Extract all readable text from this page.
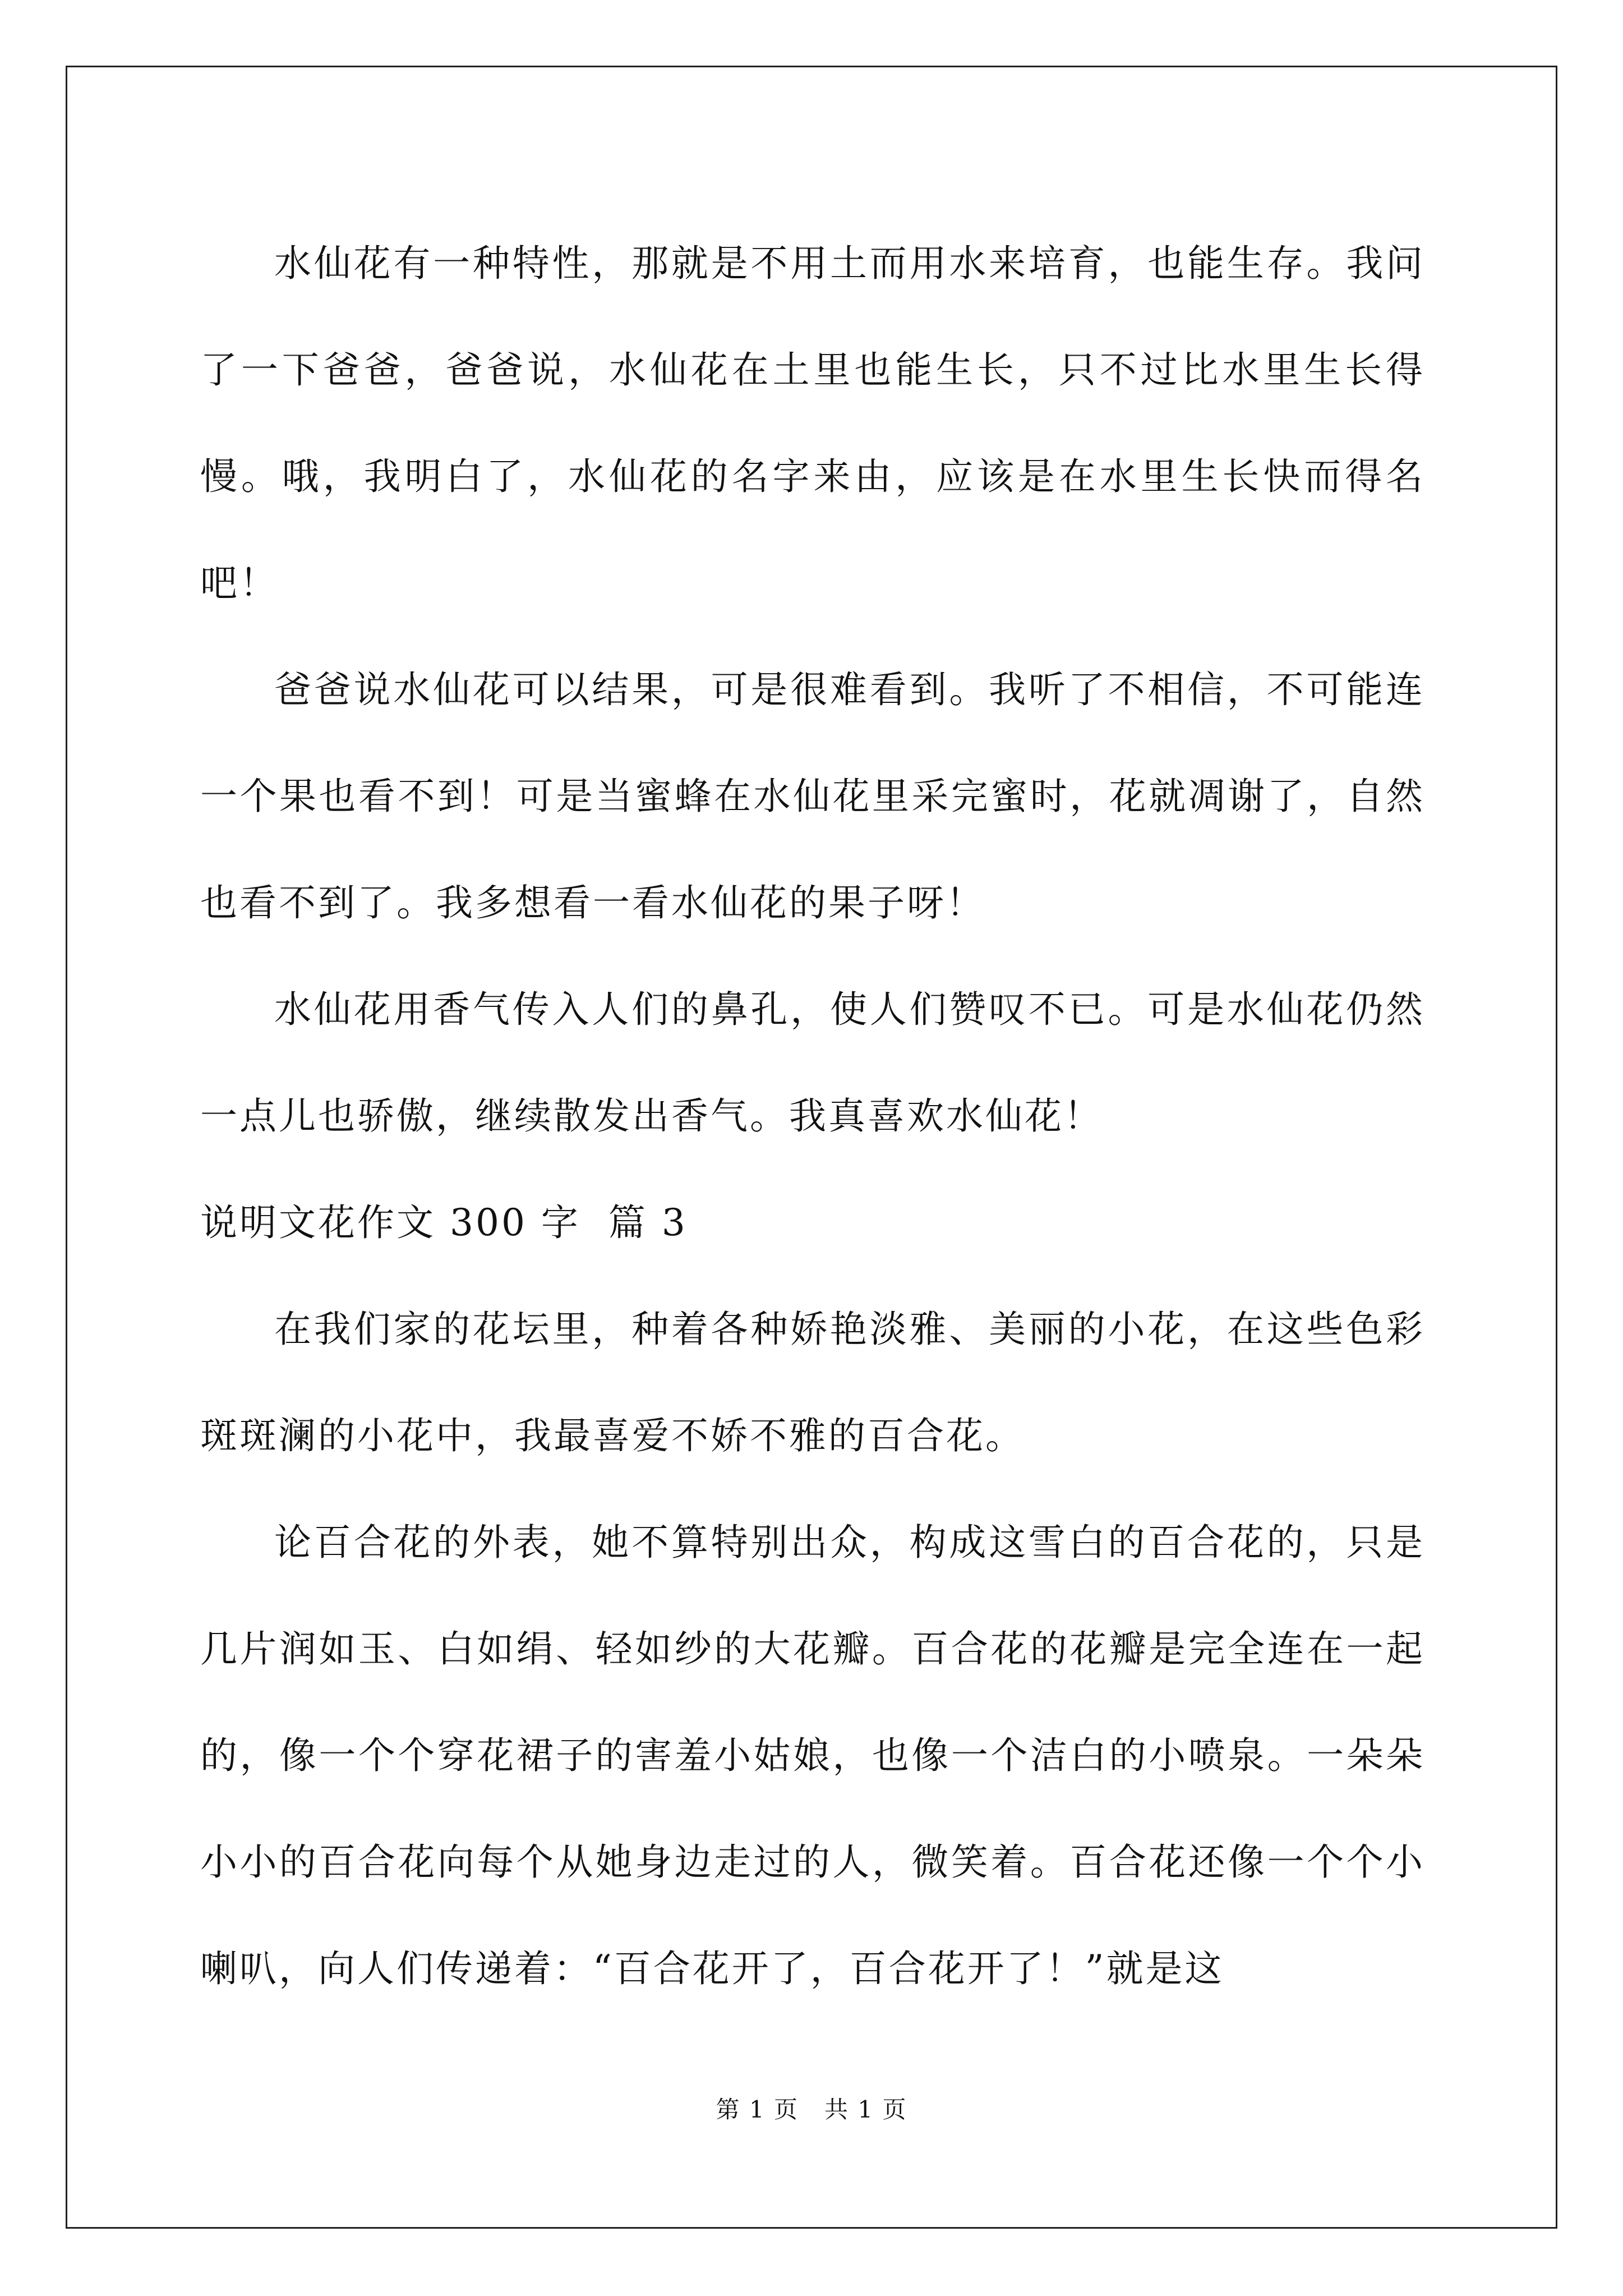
水仙花有一种特性，那就是不用土而用水来培育，也能生存。我问了一下爸爸，爸爸说，水仙花在土里也能生长，只不过比水里生长得慢。哦，我明白了，水仙花的名字来由，应该是在水里生长快而得名吧！

爸爸说水仙花可以结果，可是很难看到。我听了不相信，不可能连一个果也看不到！可是当蜜蜂在水仙花里采完蜜时，花就凋谢了，自然也看不到了。我多想看一看水仙花的果子呀！

水仙花用香气传入人们的鼻孔，使人们赞叹不已。可是水仙花仍然一点儿也骄傲，继续散发出香气。我真喜欢水仙花！

说明文花作文 300 字  篇 3

在我们家的花坛里，种着各种娇艳淡雅、美丽的小花，在这些色彩斑斑澜的小花中，我最喜爱不娇不雅的百合花。

论百合花的外表，她不算特别出众，构成这雪白的百合花的，只是几片润如玉、白如绢、轻如纱的大花瓣。百合花的花瓣是完全连在一起的，像一个个穿花裙子的害羞小姑娘，也像一个洁白的小喷泉。一朵朵小小的百合花向每个从她身边走过的人，微笑着。百合花还像一个个小喇叭，向人们传递着：“百合花开了，百合花开了！”就是这

第 1 页 共 1 页
